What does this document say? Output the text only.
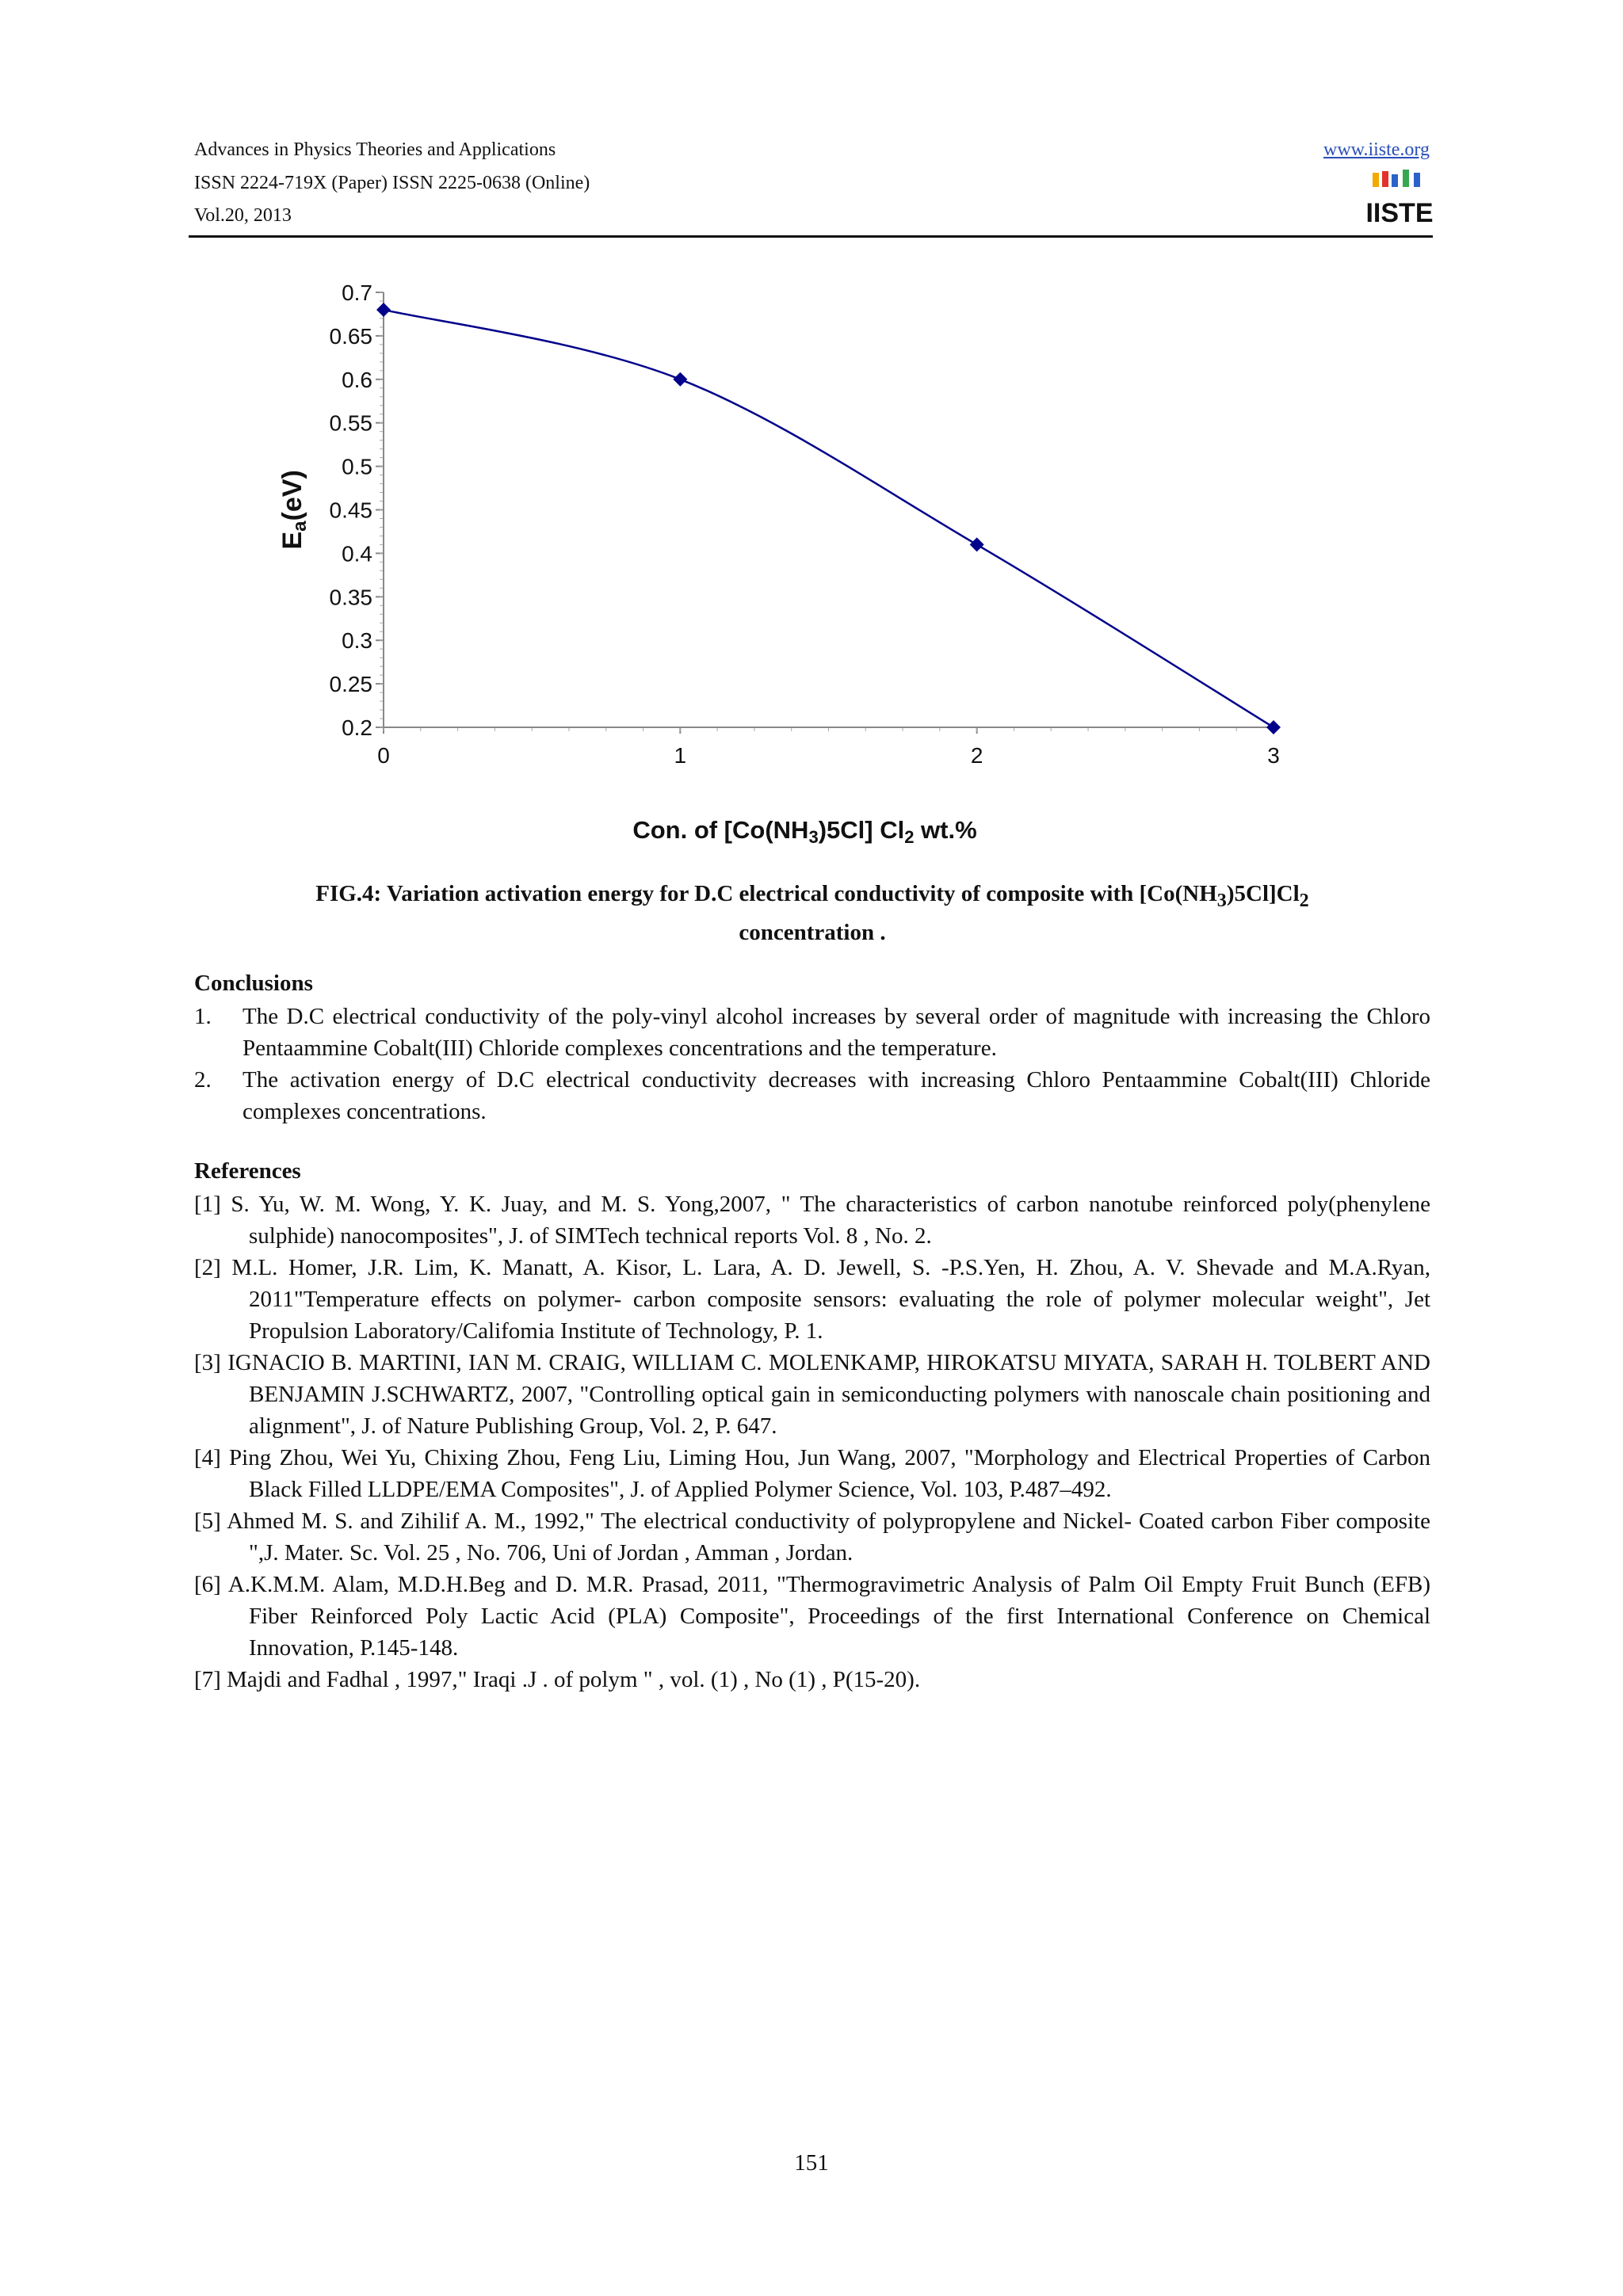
Advances in Physics Theories and Applications
ISSN 2224-719X (Paper) ISSN 2225-0638 (Online)
Vol.20, 2013
www.iiste.org
IISTE
0.7
0.65
0.6
0.55
0.5
0.45
0.4
0.35
0.3
0.25
0.2
0	1	2	3
Ea(eV)
Con. of [Co(NH3)5Cl] Cl2 wt.%
FIG.4: Variation activation energy for D.C electrical conductivity of composite with $[Co(NH_3)5Cl]Cl_2$
concentration .
Conclusions

1. The D.C electrical conductivity of the poly-vinyl alcohol increases by several order of magnitude with increasing the Chloro Pentaammine Cobalt(III) Chloride complexes concentrations and the temperature.

2. The activation energy of D.C electrical conductivity decreases with increasing Chloro Pentaammine Cobalt(III) Chloride complexes concentrations.

References

[1] S. Yu, W. M. Wong, Y. K. Juay, and M. S. Yong,2007, " The characteristics of carbon nanotube reinforced poly(phenylene sulphide) nanocomposites", J. of SIMTech technical reports Vol. 8 , No. 2.

[2] M.L. Homer, J.R. Lim, K. Manatt, A. Kisor, L. Lara, A. D. Jewell, S. -P.S.Yen, H. Zhou, A. V. Shevade and M.A.Ryan, 2011"Temperature effects on polymer- carbon composite sensors: evaluating the role of polymer molecular weight", Jet Propulsion Laboratory/Califomia Institute of Technology, P. 1.

[3] IGNACIO B. MARTINI, IAN M. CRAIG, WILLIAM C. MOLENKAMP, HIROKATSU MIYATA, SARAH H. TOLBERT AND BENJAMIN J.SCHWARTZ, 2007, "Controlling optical gain in semiconducting polymers with nanoscale chain positioning and alignment", J. of Nature Publishing Group, Vol. 2, P. 647.

[4] Ping Zhou, Wei Yu, Chixing Zhou, Feng Liu, Liming Hou, Jun Wang, 2007, "Morphology and Electrical Properties of Carbon Black Filled LLDPE/EMA Composites", J. of Applied Polymer Science, Vol. 103, P.487–492.

[5] Ahmed M. S. and Zihilif A. M., 1992," The electrical conductivity of polypropylene and Nickel- Coated carbon Fiber composite ",J. Mater. Sc. Vol. 25 , No. 706, Uni of Jordan , Amman , Jordan.

[6] A.K.M.M. Alam, M.D.H.Beg and D. M.R. Prasad, 2011, "Thermogravimetric Analysis of Palm Oil Empty Fruit Bunch (EFB) Fiber Reinforced Poly Lactic Acid (PLA) Composite", Proceedings of the first International Conference on Chemical Innovation, P.145-148.

[7] Majdi and Fadhal , 1997," Iraqi .J . of polym " , vol. (1) , No (1) , P(15-20).

151
